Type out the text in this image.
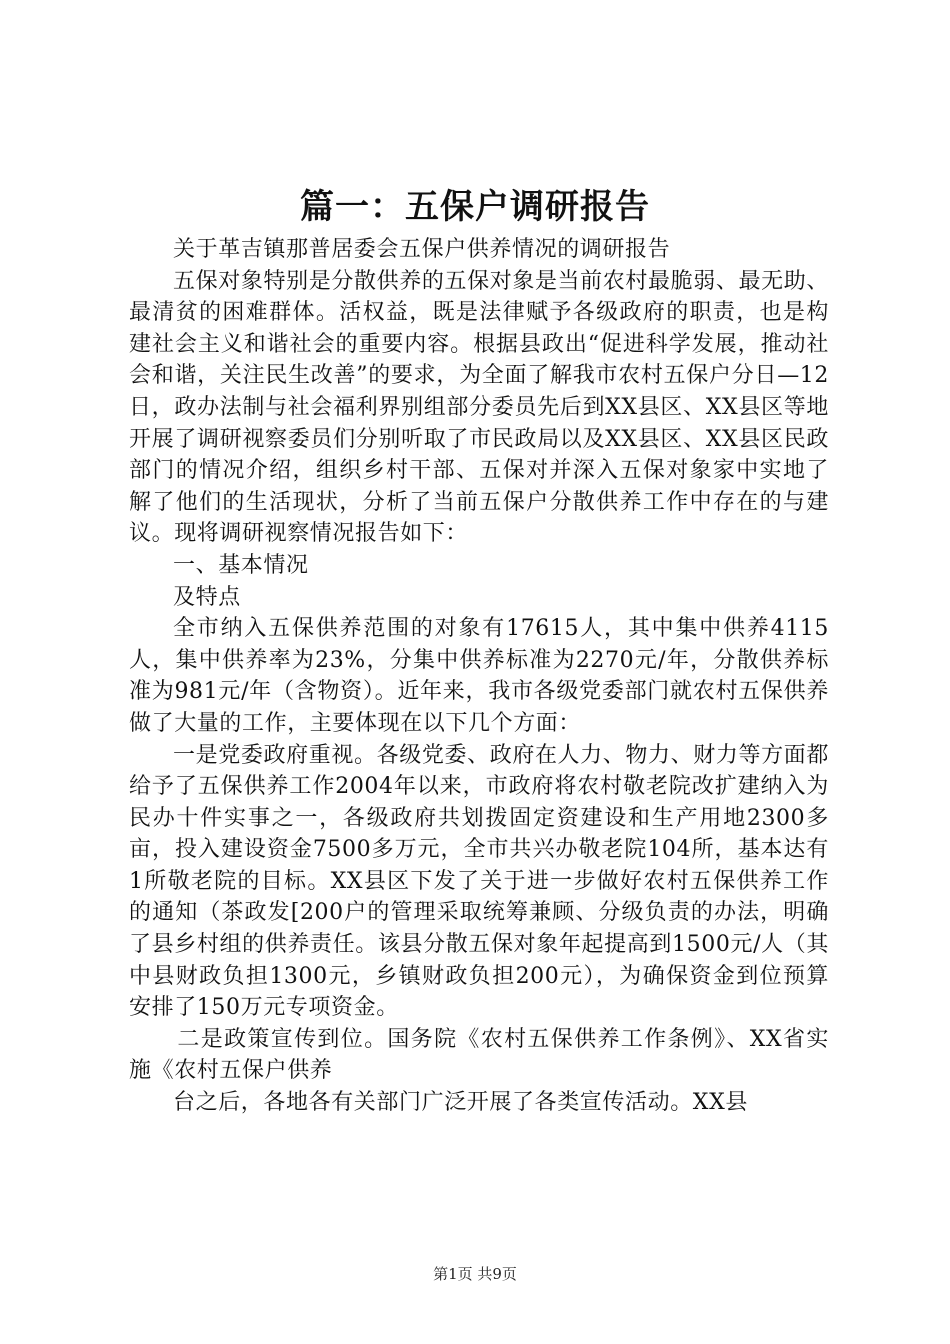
篇一：五保户调研报告

关于革吉镇那普居委会五保户供养情况的调研报告

五保对象特别是分散供养的五保对象是当前农村最脆弱、最无助、最清贫的困难群体。活权益，既是法律赋予各级政府的职责，也是构建社会主义和谐社会的重要内容。根据县政出“促进科学发展，推动社会和谐，关注民生改善”的要求，为全面了解我市农村五保户分日—12日，政办法制与社会福利界别组部分委员先后到XX县区、XX县区等地开展了调研视察委员们分别听取了市民政局以及XX县区、XX县区民政部门的情况介绍，组织乡村干部、五保对并深入五保对象家中实地了解了他们的生活现状，分析了当前五保户分散供养工作中存在的与建议。现将调研视察情况报告如下：

一、基本情况

及特点

全市纳入五保供养范围的对象有17615人，其中集中供养4115人，集中供养率为23%，分集中供养标准为2270元/年，分散供养标准为981元/年（含物资）。近年来，我市各级党委部门就农村五保供养做了大量的工作，主要体现在以下几个方面：

一是党委政府重视。各级党委、政府在人力、物力、财力等方面都给予了五保供养工作2004年以来，市政府将农村敬老院改扩建纳入为民办十件实事之一，各级政府共划拨固定资建设和生产用地2300多亩，投入建设资金7500多万元，全市共兴办敬老院104所，基本达有1所敬老院的目标。XX县区下发了关于进一步做好农村五保供养工作的通知（茶政发[200户的管理采取统筹兼顾、分级负责的办法，明确了县乡村组的供养责任。该县分散五保对象年起提高到1500元/人（其中县财政负担1300元，乡镇财政负担200元），为确保资金到位预算安排了150万元专项资金。

二是政策宣传到位。国务院《农村五保供养工作条例》、XX省实施《农村五保户供养

台之后，各地各有关部门广泛开展了各类宣传活动。XX县

第1页 共9页
